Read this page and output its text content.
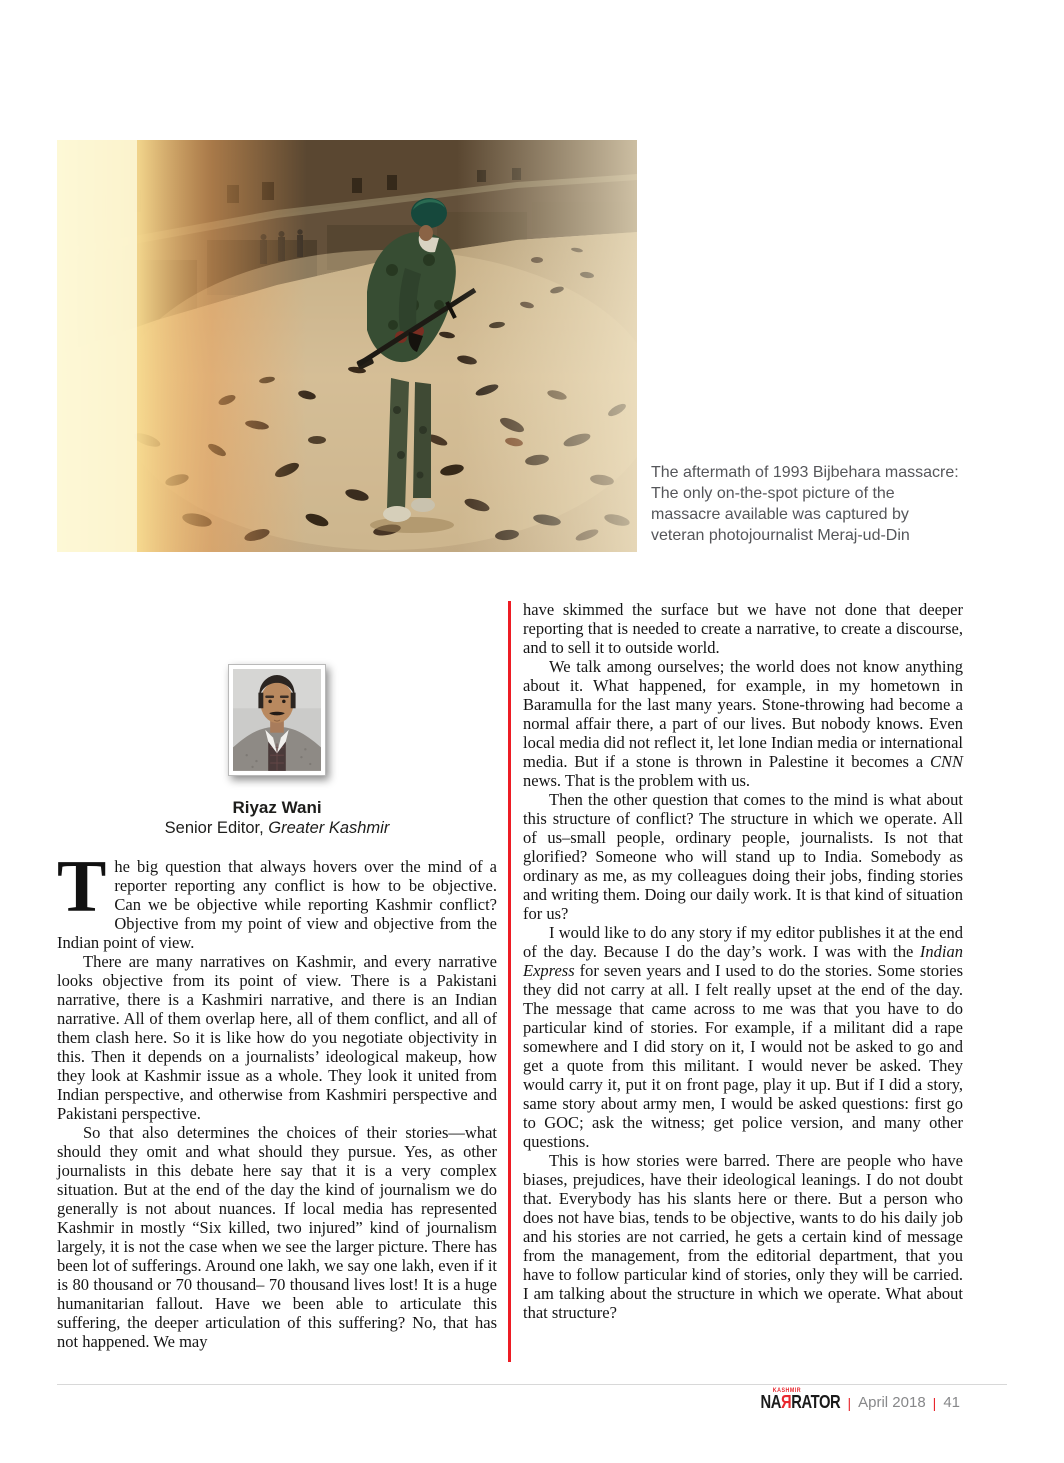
The aftermath of 1993 Bijbehara massacre:
The only on-the-spot picture of the
massacre available was captured by
veteran photojournalist Meraj-ud-Din
Riyaz Wani
Senior Editor, Greater Kashmir

The big question that always hovers over the mind of a reporter reporting any conflict is how to be objective. Can we be objective while reporting Kashmir conflict? Objective from my point of view and objective from the Indian point of view.

There are many narratives on Kashmir, and every narrative looks objective from its point of view. There is a Pakistani narrative, there is a Kashmiri narrative, and there is an Indian narrative. All of them overlap here, all of them conflict, and all of them clash here. So it is like how do you negotiate objectivity in this. Then it depends on a journalists’ ideological makeup, how they look at Kashmir issue as a whole. They look it united from Indian perspective, and otherwise from Kashmiri perspective and Pakistani perspective.

So that also determines the choices of their stories—what should they omit and what should they pursue. Yes, as other journalists in this debate here say that it is a very complex situation. But at the end of the day the kind of journalism we do generally is not about nuances. If local media has represented Kashmir in mostly “Six killed, two injured” kind of journalism largely, it is not the case when we see the larger picture. There has been lot of sufferings. Around one lakh, we say one lakh, even if it is 80 thousand or 70 thousand– 70 thousand lives lost! It is a huge humanitarian fallout. Have we been able to articulate this suffering, the deeper articulation of this suffering? No, that has not happened. We may

have skimmed the surface but we have not done that deeper reporting that is needed to create a narrative, to create a discourse, and to sell it to outside world.

We talk among ourselves; the world does not know anything about it. What happened, for example, in my hometown in Baramulla for the last many years. Stone-throwing had become a normal affair there, a part of our lives. But nobody knows. Even local media did not reflect it, let lone Indian media or international media. But if a stone is thrown in Palestine it becomes a CNN news. That is the problem with us.

Then the other question that comes to the mind is what about this structure of conflict? The structure in which we operate. All of us–small people, ordinary people, journalists. Is not that glorified? Someone who will stand up to India. Somebody as ordinary as me, as my colleagues doing their jobs, finding stories and writing them. Doing our daily work. It is that kind of situation for us?

I would like to do any story if my editor publishes it at the end of the day. Because I do the day’s work. I was with the Indian Express for seven years and I used to do the stories. Some stories they did not carry at all. I felt really upset at the end of the day. The message that came across to me was that you have to do particular kind of stories. For example, if a militant did a rape somewhere and I did story on it, I would not be asked to go and get a quote from this militant. I would never be asked. They would carry it, put it on front page, play it up. But if I did a story, same story about army men, I would be asked questions: first go to GOC; ask the witness; get police version, and many other questions.

This is how stories were barred. There are people who have biases, prejudices, have their ideological leanings. I do not doubt that. Everybody has his slants here or there. But a person who does not have bias, tends to be objective, wants to do his daily job and his stories are not carried, he gets a certain kind of message from the management, from the editorial department, that you have to follow particular kind of stories, only they will be carried. I am talking about the structure in which we operate. What about that structure?

KASHMIR
NAЯRATOR | April 2018 | 41
